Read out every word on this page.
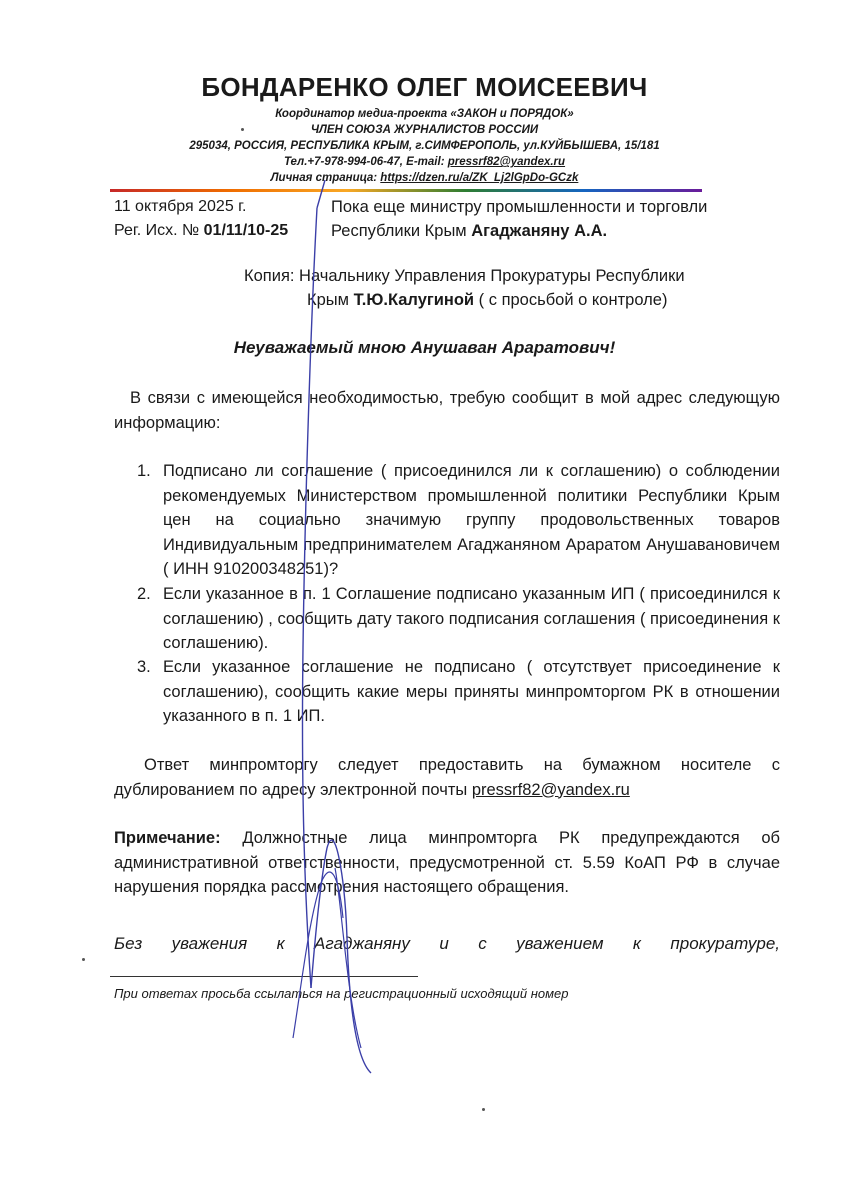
БОНДАРЕНКО ОЛЕГ МОИСЕЕВИЧ
Координатор медиа-проекта «ЗАКОН и ПОРЯДОК»
ЧЛЕН СОЮЗА ЖУРНАЛИСТОВ РОССИИ
295034, РОССИЯ, РЕСПУБЛИКА КРЫМ, г.СИМФЕРОПОЛЬ, ул.КУЙБЫШЕВА, 15/181
Тел.+7-978-994-06-47, E-mail: pressrf82@yandex.ru
Личная страница: https://dzen.ru/a/ZK_Lj2lGpDo-GCzk
11 октября 2025 г.
Рег. Исх. № 01/11/10-25
Пока еще министру промышленности и торговли
Республики Крым Агаджаняну А.А.
Копия: Начальнику Управления Прокуратуры Республики
Крым Т.Ю.Калугиной ( с просьбой о контроле)
Неуважаемый мною Анушаван Араратович!
В связи с имеющейся необходимостью, требую сообщит в мой адрес следующую информацию:
1. Подписано ли соглашение ( присоединился ли к соглашению) о соблюдении рекомендуемых Министерством промышленной политики Республики Крым цен на социально значимую группу продовольственных товаров Индивидуальным предпринимателем Агаджаняном Араратом Анушавановичем ( ИНН 910200348251)?
2. Если указанное в п. 1 Соглашение подписано указанным ИП ( присоединился к соглашению) , сообщить дату такого подписания соглашения ( присоединения к соглашению).
3. Если указанное соглашение не подписано ( отсутствует присоединение к соглашению), сообщить какие меры приняты минпромторгом РК в отношении указанного в п. 1 ИП.
Ответ минпромторгу следует предоставить на бумажном носителе с дублированием по адресу электронной почты pressrf82@yandex.ru
Примечание: Должностные лица минпромторга РК предупреждаются об административной ответственности, предусмотренной ст. 5.59 КоАП РФ в случае нарушения порядка рассмотрения настоящего обращения.
Без уважения к Агаджаняну и с уважением к прокуратуре,
При ответах просьба ссылаться на регистрационный исходящий номер
